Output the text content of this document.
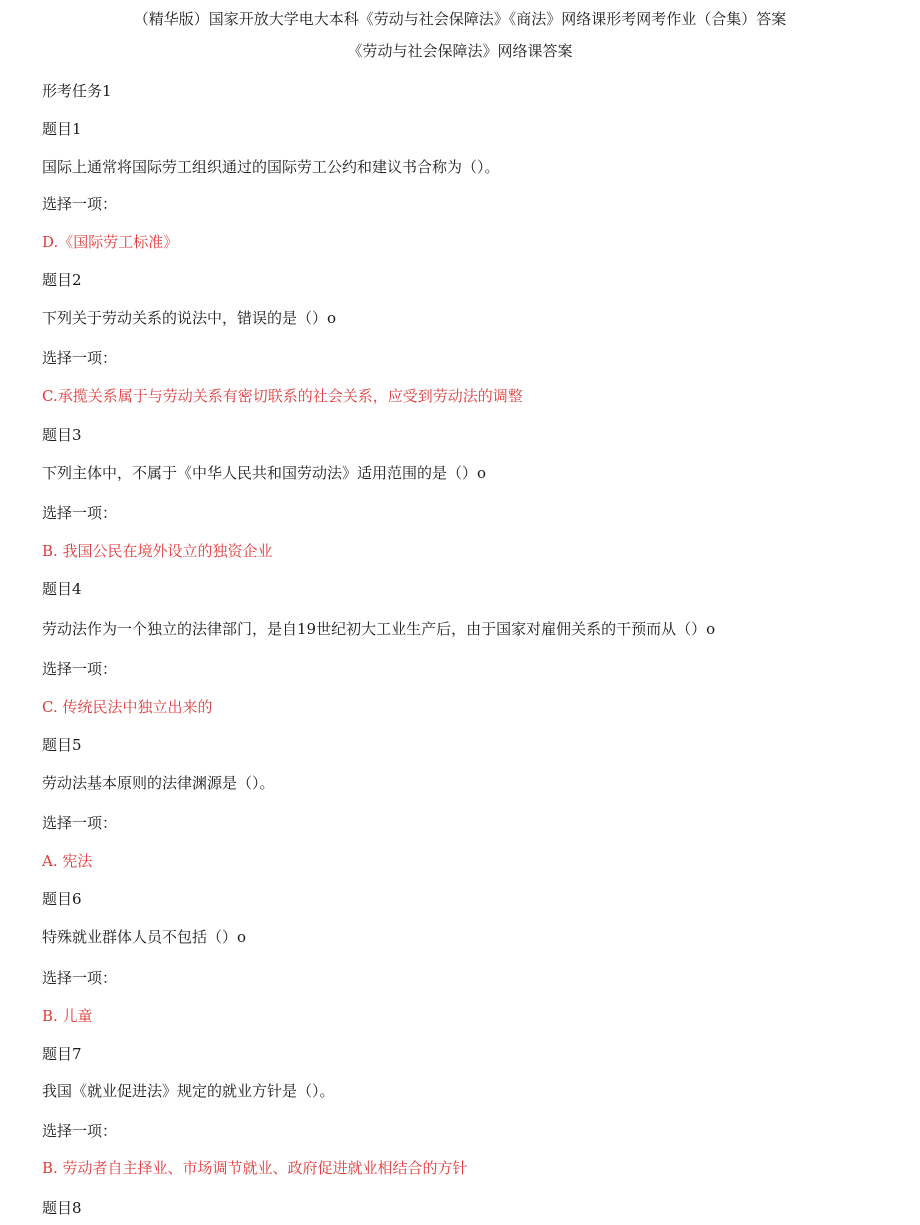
（精华版）国家开放大学电大本科《劳动与社会保障法》《商法》网络课形考网考作业（合集）答案
《劳动与社会保障法》网络课答案
形考任务1
题目1
国际上通常将国际劳工组织通过的国际劳工公约和建议书合称为（）。
选择一项：
D.《国际劳工标准》
题目2
下列关于劳动关系的说法中，错误的是（）o
选择一项：
C.承揽关系属于与劳动关系有密切联系的社会关系，应受到劳动法的调整
题目3
下列主体中，不属于《中华人民共和国劳动法》适用范围的是（）o
选择一项：
B. 我国公民在境外设立的独资企业
题目4
劳动法作为一个独立的法律部门，是自19世纪初大工业生产后，由于国家对雇佣关系的干预而从（）o
选择一项：
C. 传统民法中独立出来的
题目5
劳动法基本原则的法律渊源是（）。
选择一项：
A. 宪法
题目6
特殊就业群体人员不包括（）o
选择一项：
B. 儿童
题目7
我国《就业促进法》规定的就业方针是（）。
选择一项：
B. 劳动者自主择业、市场调节就业、政府促进就业相结合的方针
题目8
